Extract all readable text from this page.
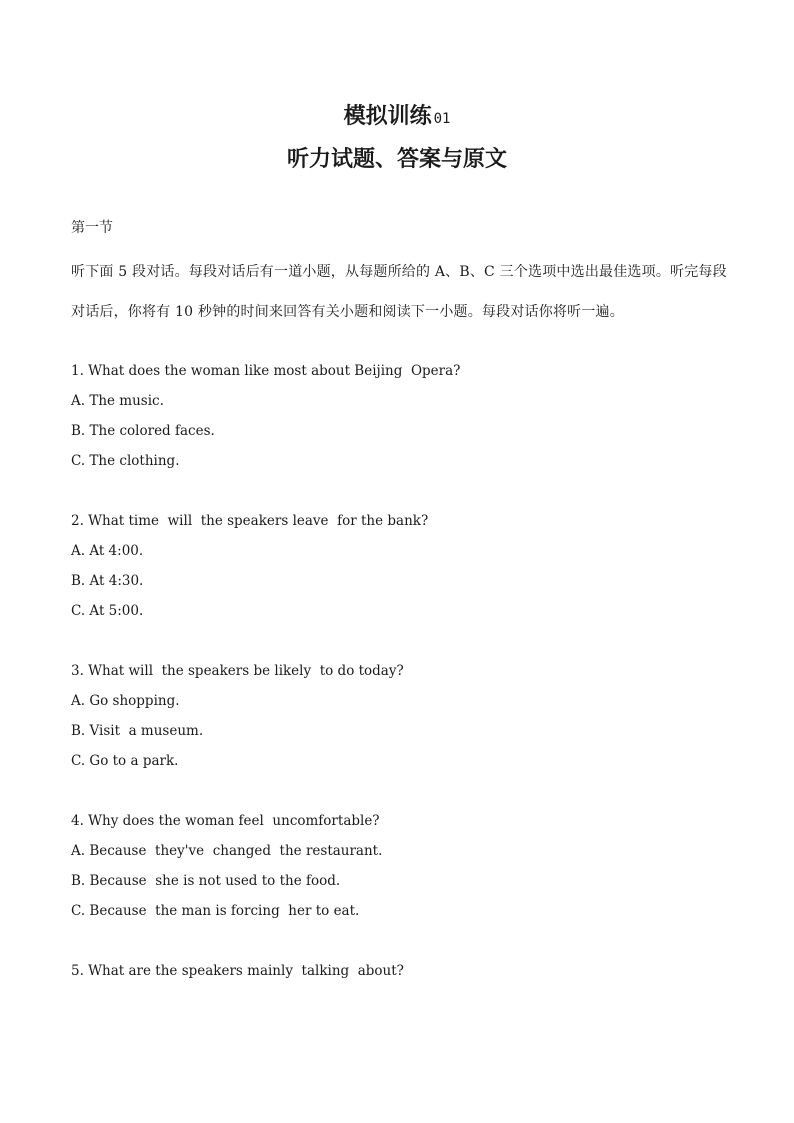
模拟训练 01
听力试题、答案与原文
第一节
听下面 5 段对话。每段对话后有一道小题，从每题所给的 A、B、C 三个选项中选出最佳选项。听完每段对话后，你将有 10 秒钟的时间来回答有关小题和阅读下一小题。每段对话你将听一遍。
1. What does the woman like most about Beijing  Opera?
A. The music.
B. The colored faces.
C. The clothing.
2. What time  will  the speakers leave  for the bank?
A. At 4:00.
B. At 4:30.
C. At 5:00.
3. What will  the speakers be likely  to do today?
A. Go shopping.
B. Visit  a museum.
C. Go to a park.
4. Why does the woman feel  uncomfortable?
A. Because  they've  changed  the restaurant.
B. Because  she is not used to the food.
C. Because  the man is forcing  her to eat.
5. What are the speakers mainly  talking  about?
